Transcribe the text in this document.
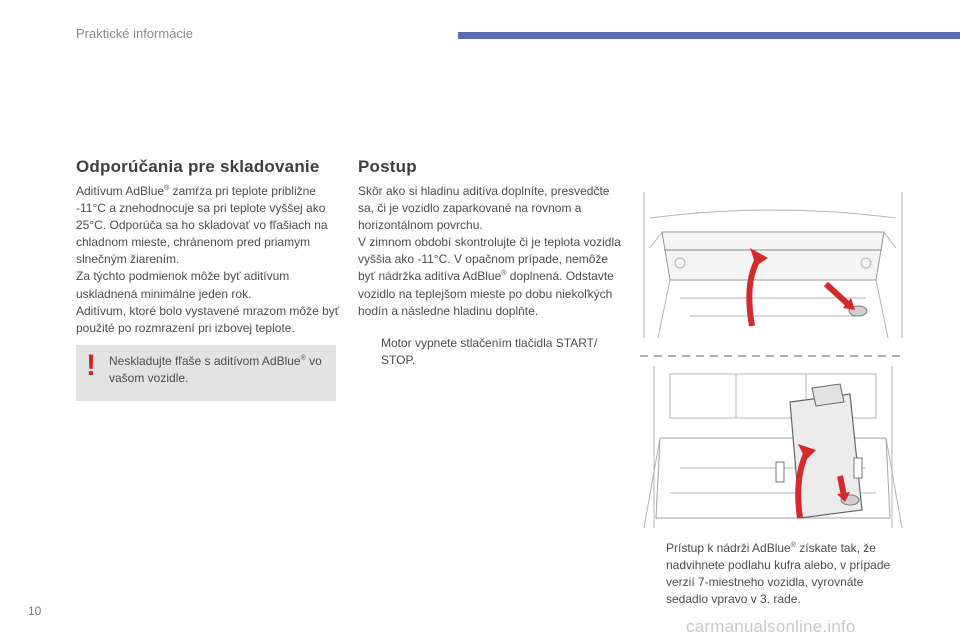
Praktické informácie
Odporúčania pre skladovanie

Aditívum AdBlue® zamŕza pri teplote približne -11°C a znehodnocuje sa pri teplote vyššej ako 25°C. Odporúča sa ho skladovať vo fľašiach na chladnom mieste, chránenom pred priamym slnečným žiarením.

Za týchto podmienok môže byť aditívum uskladnená minimálne jeden rok.

Aditívum, ktoré bolo vystavené mrazom môže byť použité po rozmrazení pri izbovej teplote.

! Neskladujte fľaše s aditívom AdBlue® vo vašom vozidle.
Postup

Skôr ako si hladinu aditíva doplníte, presvedčte sa, či je vozidlo zaparkované na rovnom a horizontálnom povrchu.

V zimnom období skontrolujte či je teplota vozidla vyššia ako -11°C. V opačnom prípade, nemôže byť nádržka aditíva AdBlue® doplnená. Odstavte vozidlo na teplejšom mieste po dobu niekoľkých hodín a následne hladinu doplňte.

Motor vypnete stlačením tlačidla START/ STOP.
Prístup k nádrži AdBlue® získate tak, že nadvihnete podlahu kufra alebo, v prípade verzií 7-miestneho vozidla, vyrovnáte sedadlo vpravo v 3. rade.
10
carmanualsonline.info
